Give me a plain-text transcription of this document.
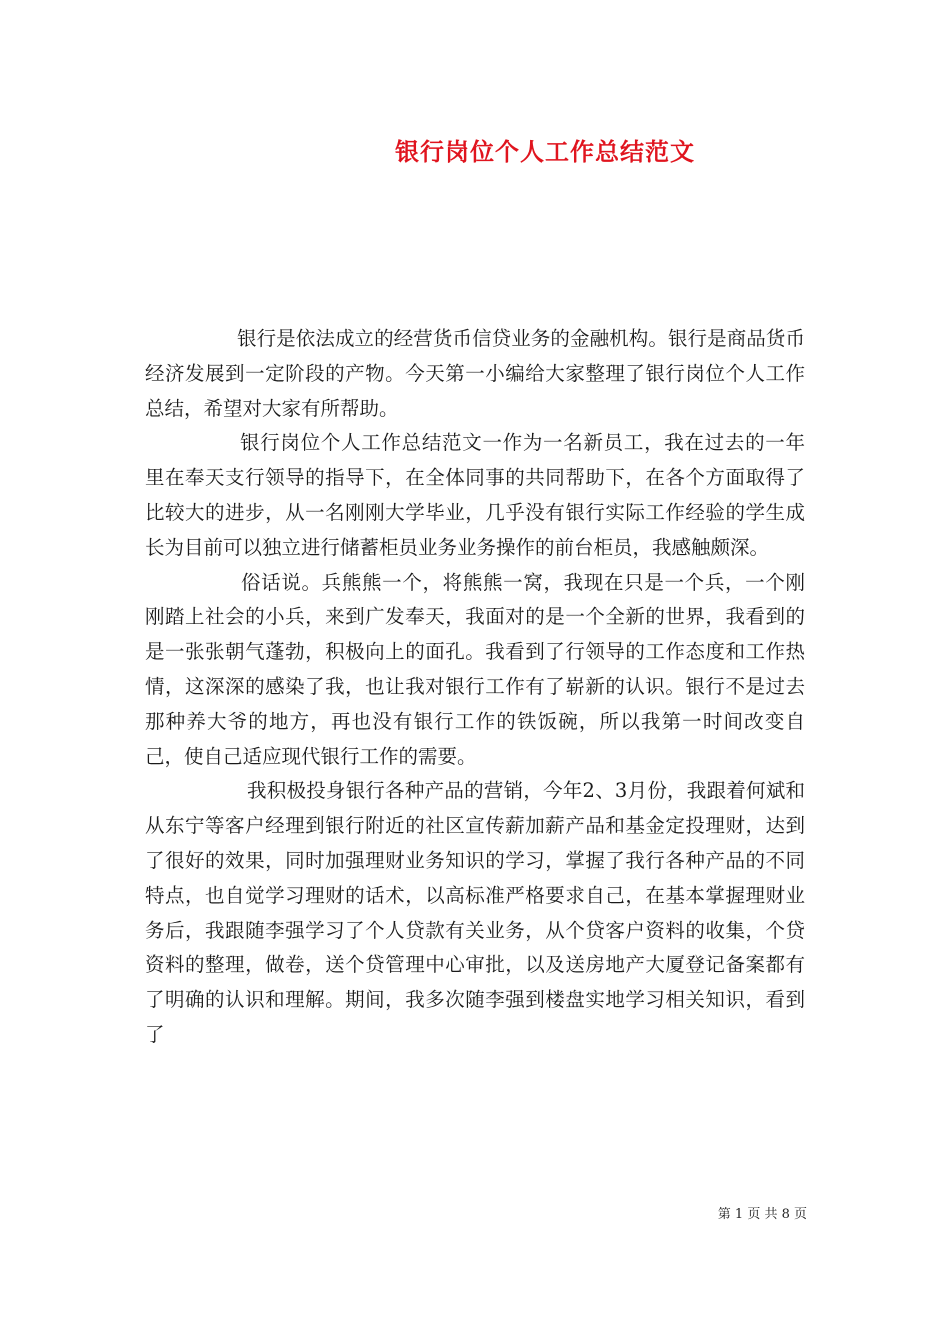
银行岗位个人工作总结范文

银行是依法成立的经营货币信贷业务的金融机构。银行是商品货币经济发展到一定阶段的产物。今天第一小编给大家整理了银行岗位个人工作总结，希望对大家有所帮助。

银行岗位个人工作总结范文一作为一名新员工，我在过去的一年里在奉天支行领导的指导下，在全体同事的共同帮助下，在各个方面取得了比较大的进步，从一名刚刚大学毕业，几乎没有银行实际工作经验的学生成长为目前可以独立进行储蓄柜员业务业务操作的前台柜员，我感触颇深。

俗话说。兵熊熊一个，将熊熊一窝，我现在只是一个兵，一个刚刚踏上社会的小兵，来到广发奉天，我面对的是一个全新的世界，我看到的是一张张朝气蓬勃，积极向上的面孔。我看到了行领导的工作态度和工作热情，这深深的感染了我，也让我对银行工作有了崭新的认识。银行不是过去那种养大爷的地方，再也没有银行工作的铁饭碗，所以我第一时间改变自己，使自己适应现代银行工作的需要。

我积极投身银行各种产品的营销，今年2、3月份，我跟着何斌和从东宁等客户经理到银行附近的社区宣传薪加薪产品和基金定投理财，达到了很好的效果，同时加强理财业务知识的学习，掌握了我行各种产品的不同特点，也自觉学习理财的话术，以高标准严格要求自己，在基本掌握理财业务后，我跟随李强学习了个人贷款有关业务，从个贷客户资料的收集，个贷资料的整理，做卷，送个贷管理中心审批，以及送房地产大厦登记备案都有了明确的认识和理解。期间，我多次随李强到楼盘实地学习相关知识，看到了

第 1 页 共 8 页
